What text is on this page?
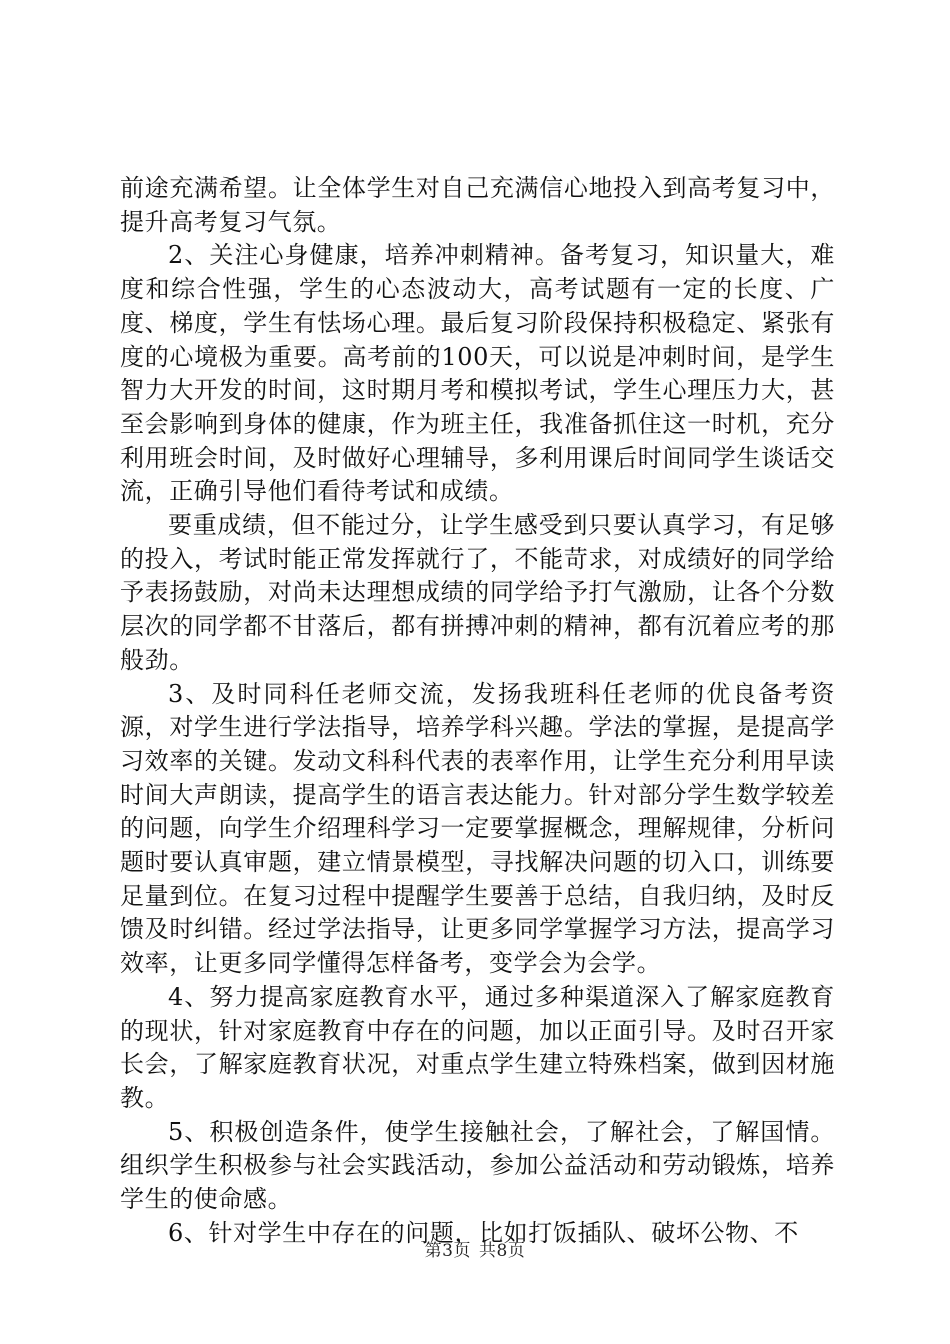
前途充满希望。让全体学生对自己充满信心地投入到高考复习中，提升高考复习气氛。

2、关注心身健康，培养冲刺精神。备考复习，知识量大，难度和综合性强，学生的心态波动大，高考试题有一定的长度、广度、梯度，学生有怯场心理。最后复习阶段保持积极稳定、紧张有度的心境极为重要。高考前的100天，可以说是冲刺时间，是学生智力大开发的时间，这时期月考和模拟考试，学生心理压力大，甚至会影响到身体的健康，作为班主任，我准备抓住这一时机，充分利用班会时间，及时做好心理辅导，多利用课后时间同学生谈话交流，正确引导他们看待考试和成绩。

要重成绩，但不能过分，让学生感受到只要认真学习，有足够的投入，考试时能正常发挥就行了，不能苛求，对成绩好的同学给予表扬鼓励，对尚未达理想成绩的同学给予打气激励，让各个分数层次的同学都不甘落后，都有拼搏冲刺的精神，都有沉着应考的那般劲。

3、及时同科任老师交流，发扬我班科任老师的优良备考资源，对学生进行学法指导，培养学科兴趣。学法的掌握，是提高学习效率的关键。发动文科科代表的表率作用，让学生充分利用早读时间大声朗读，提高学生的语言表达能力。针对部分学生数学较差的问题，向学生介绍理科学习一定要掌握概念，理解规律，分析问题时要认真审题，建立情景模型，寻找解决问题的切入口，训练要足量到位。在复习过程中提醒学生要善于总结，自我归纳，及时反馈及时纠错。经过学法指导，让更多同学掌握学习方法，提高学习效率，让更多同学懂得怎样备考，变学会为会学。

4、努力提高家庭教育水平，通过多种渠道深入了解家庭教育的现状，针对家庭教育中存在的问题，加以正面引导。及时召开家长会，了解家庭教育状况，对重点学生建立特殊档案，做到因材施教。

5、积极创造条件，使学生接触社会，了解社会，了解国情。组织学生积极参与社会实践活动，参加公益活动和劳动锻炼，培养学生的使命感。

6、针对学生中存在的问题，比如打饭插队、破坏公物、不

第3页 共8页
